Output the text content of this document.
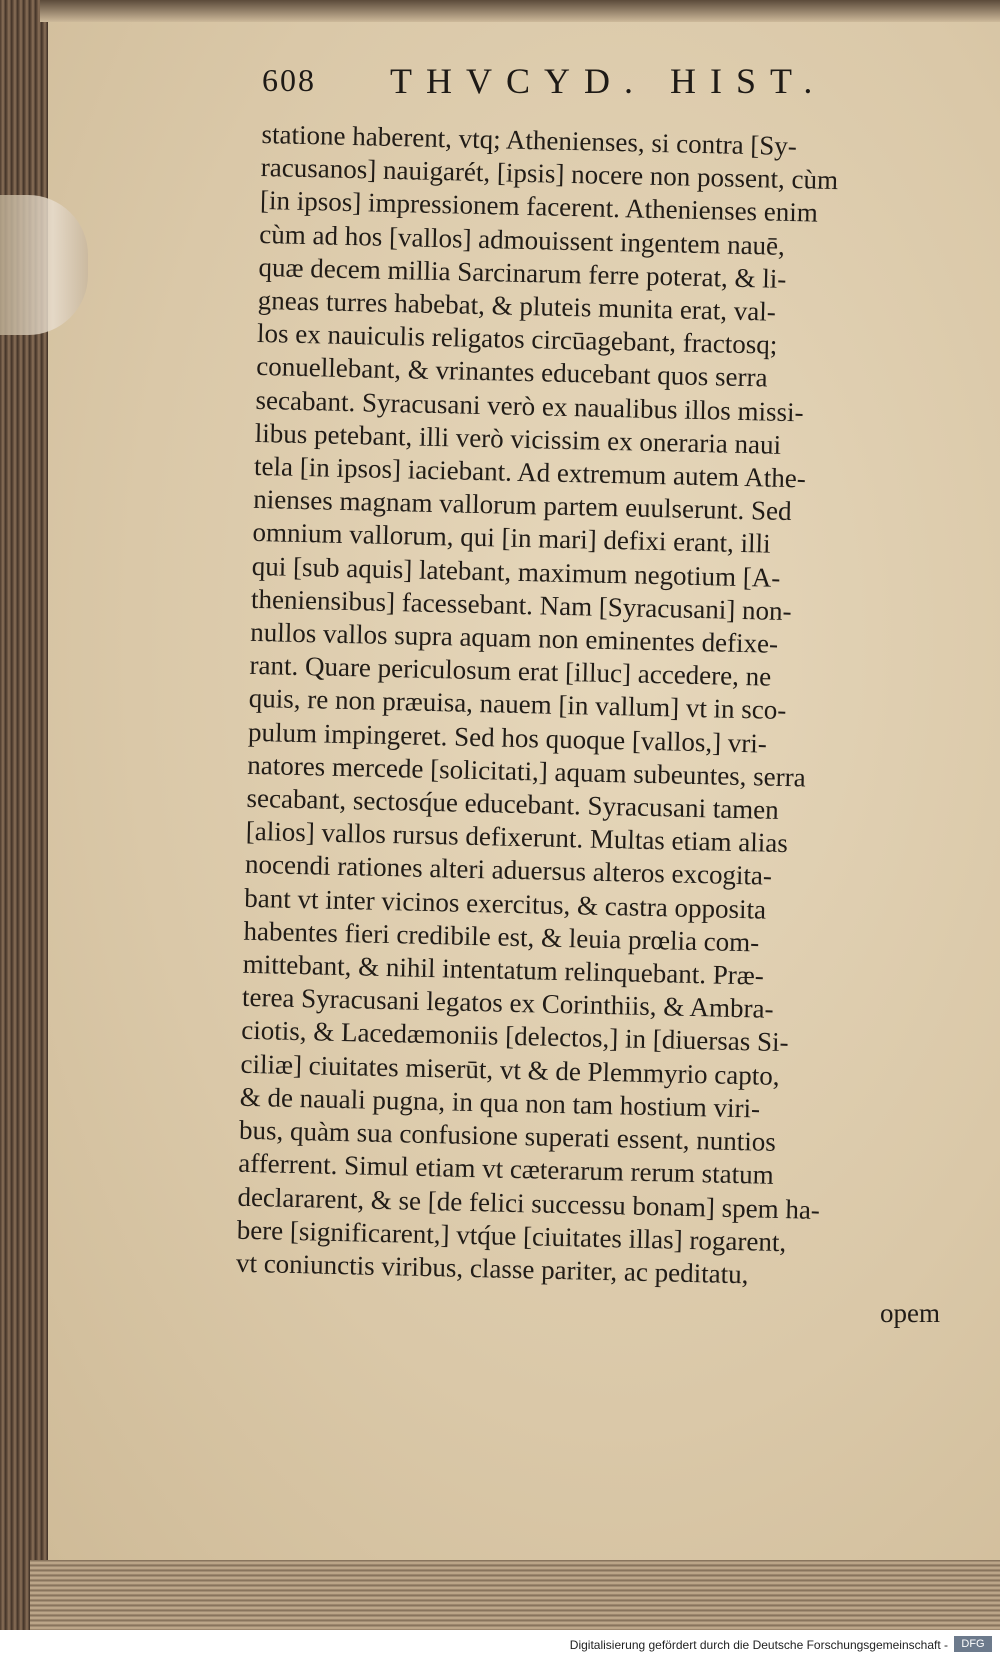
608 THVCYD. HIST.
statione haberent, vtq; Athenienses, si contra [Sy-
racusanos] nauigarét, [ipsis] nocere non possent, cùm
[in ipsos] impressionem facerent. Athenienses enim
cùm ad hos [vallos] admouissent ingentem nauē,
quæ decem millia Sarcinarum ferre poterat, & li-
gneas turres habebat, & pluteis munita erat, val-
los ex nauiculis religatos circūagebant, fractosq;
conuellebant, & vrinantes educebant quos serra
secabant. Syracusani verò ex naualibus illos missi-
libus petebant, illi verò vicissim ex oneraria naui
tela [in ipsos] iaciebant. Ad extremum autem Athe-
nienses magnam vallorum partem euulserunt. Sed
omnium vallorum, qui [in mari] defixi erant, illi
qui [sub aquis] latebant, maximum negotium [A-
theniensibus] facessebant. Nam [Syracusani] non-
nullos vallos supra aquam non eminentes defixe-
rant. Quare periculosum erat [illuc] accedere, ne
quis, re non præuisa, nauem [in vallum] vt in sco-
pulum impingeret. Sed hos quoque [vallos,] vri-
natores mercede [solicitati,] aquam subeuntes, serra
secabant, sectosq́ue educebant. Syracusani tamen
[alios] vallos rursus defixerunt. Multas etiam alias
nocendi rationes alteri aduersus alteros excogita-
bant vt inter vicinos exercitus, & castra opposita
habentes fieri credibile est, & leuia prœlia com-
mittebant, & nihil intentatum relinquebant. Præ-
terea Syracusani legatos ex Corinthiis, & Ambra-
ciotis, & Lacedæmoniis [delectos,] in [diuersas Si-
ciliæ] ciuitates miserūt, vt & de Plemmyrio capto,
& de nauali pugna, in qua non tam hostium viri-
bus, quàm sua confusione superati essent, nuntios
afferrent. Simul etiam vt cæterarum rerum statum
declararent, & se [de felici successu bonam] spem ha-
bere [significarent,] vtq́ue [ciuitates illas] rogarent,
vt coniunctis viribus, classe pariter, ac peditatu,
opem
Digitalisierung gefördert durch die Deutsche Forschungsgemeinschaft -	DFG
